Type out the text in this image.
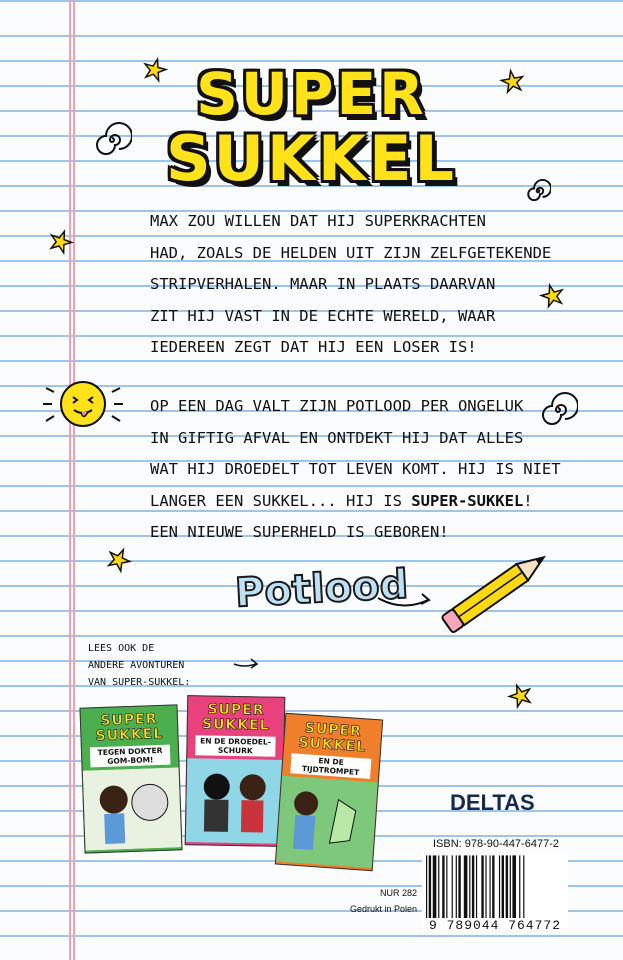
SUPER
SUKKEL
★	★
★
★
★
★

MAX ZOU WILLEN DAT HIJ SUPERKRACHTEN

HAD, ZOALS DE HELDEN UIT ZIJN ZELFGETEKENDE

STRIPVERHALEN. MAAR IN PLAATS DAARVAN

ZIT HIJ VAST IN DE ECHTE WERELD, WAAR

IEDEREEN ZEGT DAT HIJ EEN LOSER IS!

OP EEN DAG VALT ZIJN POTLOOD PER ONGELUK

IN GIFTIG AFVAL EN ONTDEKT HIJ DAT ALLES

WAT HIJ DROEDELT TOT LEVEN KOMT. HIJ IS NIET

LANGER EEN SUKKEL... HIJ IS SUPER-SUKKEL!

EEN NIEUWE SUPERHELD IS GEBOREN!

Potlood

LEES OOK DE

ANDERE AVONTUREN

VAN SUPER-SUKKEL:

SUPER SUKKEL
TEGEN DOKTER GOM-BOM!
SUPER SUKKEL
EN DE DROEDEL-SCHURK
SUPER SUKKEL
EN DE TIJDTROMPET
DELTAS
ISBN: 978-90-447-6477-2
9 789044 764772
NUR 282
Gedrukt in Polen
